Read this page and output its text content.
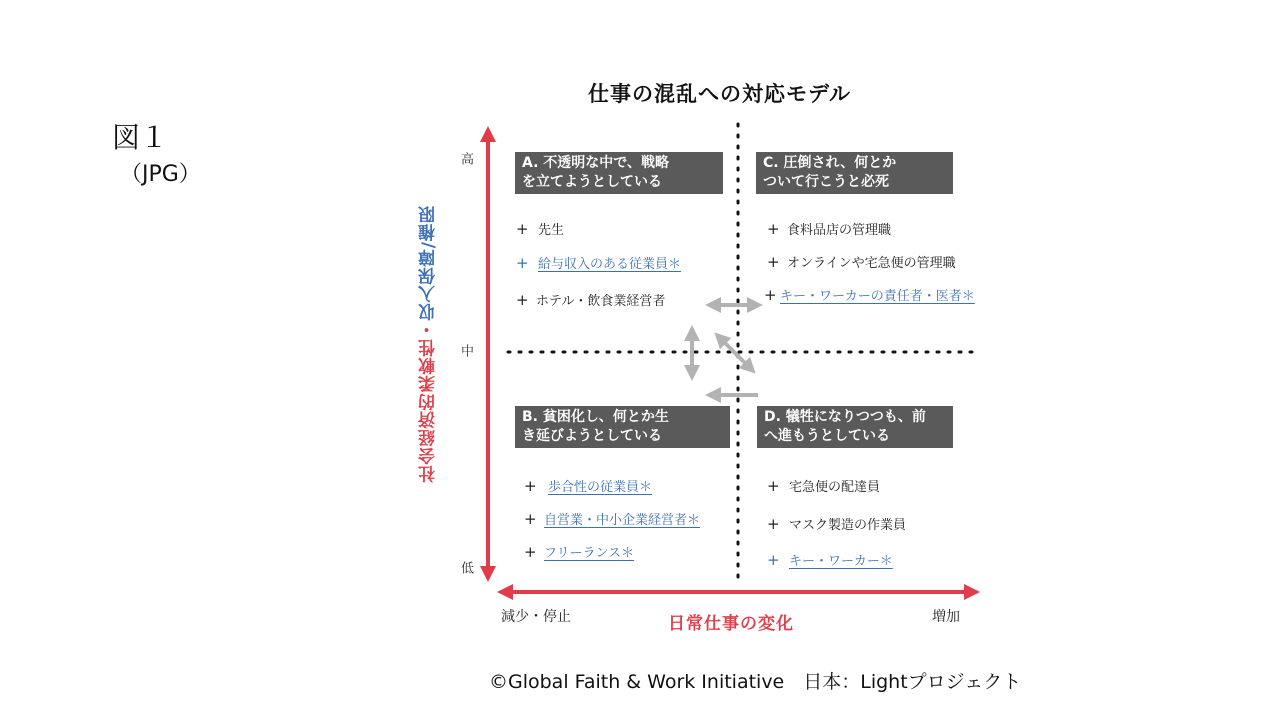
図１
（JPG）
仕事の混乱への対応モデル
社会経済的柔軟性・収入保障/権限
高
中
低
A. 不透明な中で、戦略
を立てようとしている
+ 先生
+ 給与収入のある従業員＊
+ ホテル・飲食業経営者
C. 圧倒され、何とか
ついて行こうと必死
+ 食料品店の管理職
+ オンラインや宅急便の管理職
+ キー・ワーカーの責任者・医者＊
B. 貧困化し、何とか生
き延びようとしている
+ 歩合性の従業員＊
+ 自営業・中小企業経営者＊
+ フリーランス＊
D. 犠牲になりつつも、前
へ進もうとしている
+ 宅急便の配達員
+ マスク製造の作業員
+ キー・ワーカー＊
減少・停止	日常仕事の変化	増加
©Global Faith & Work Initiative　日本：Lightプロジェクト
